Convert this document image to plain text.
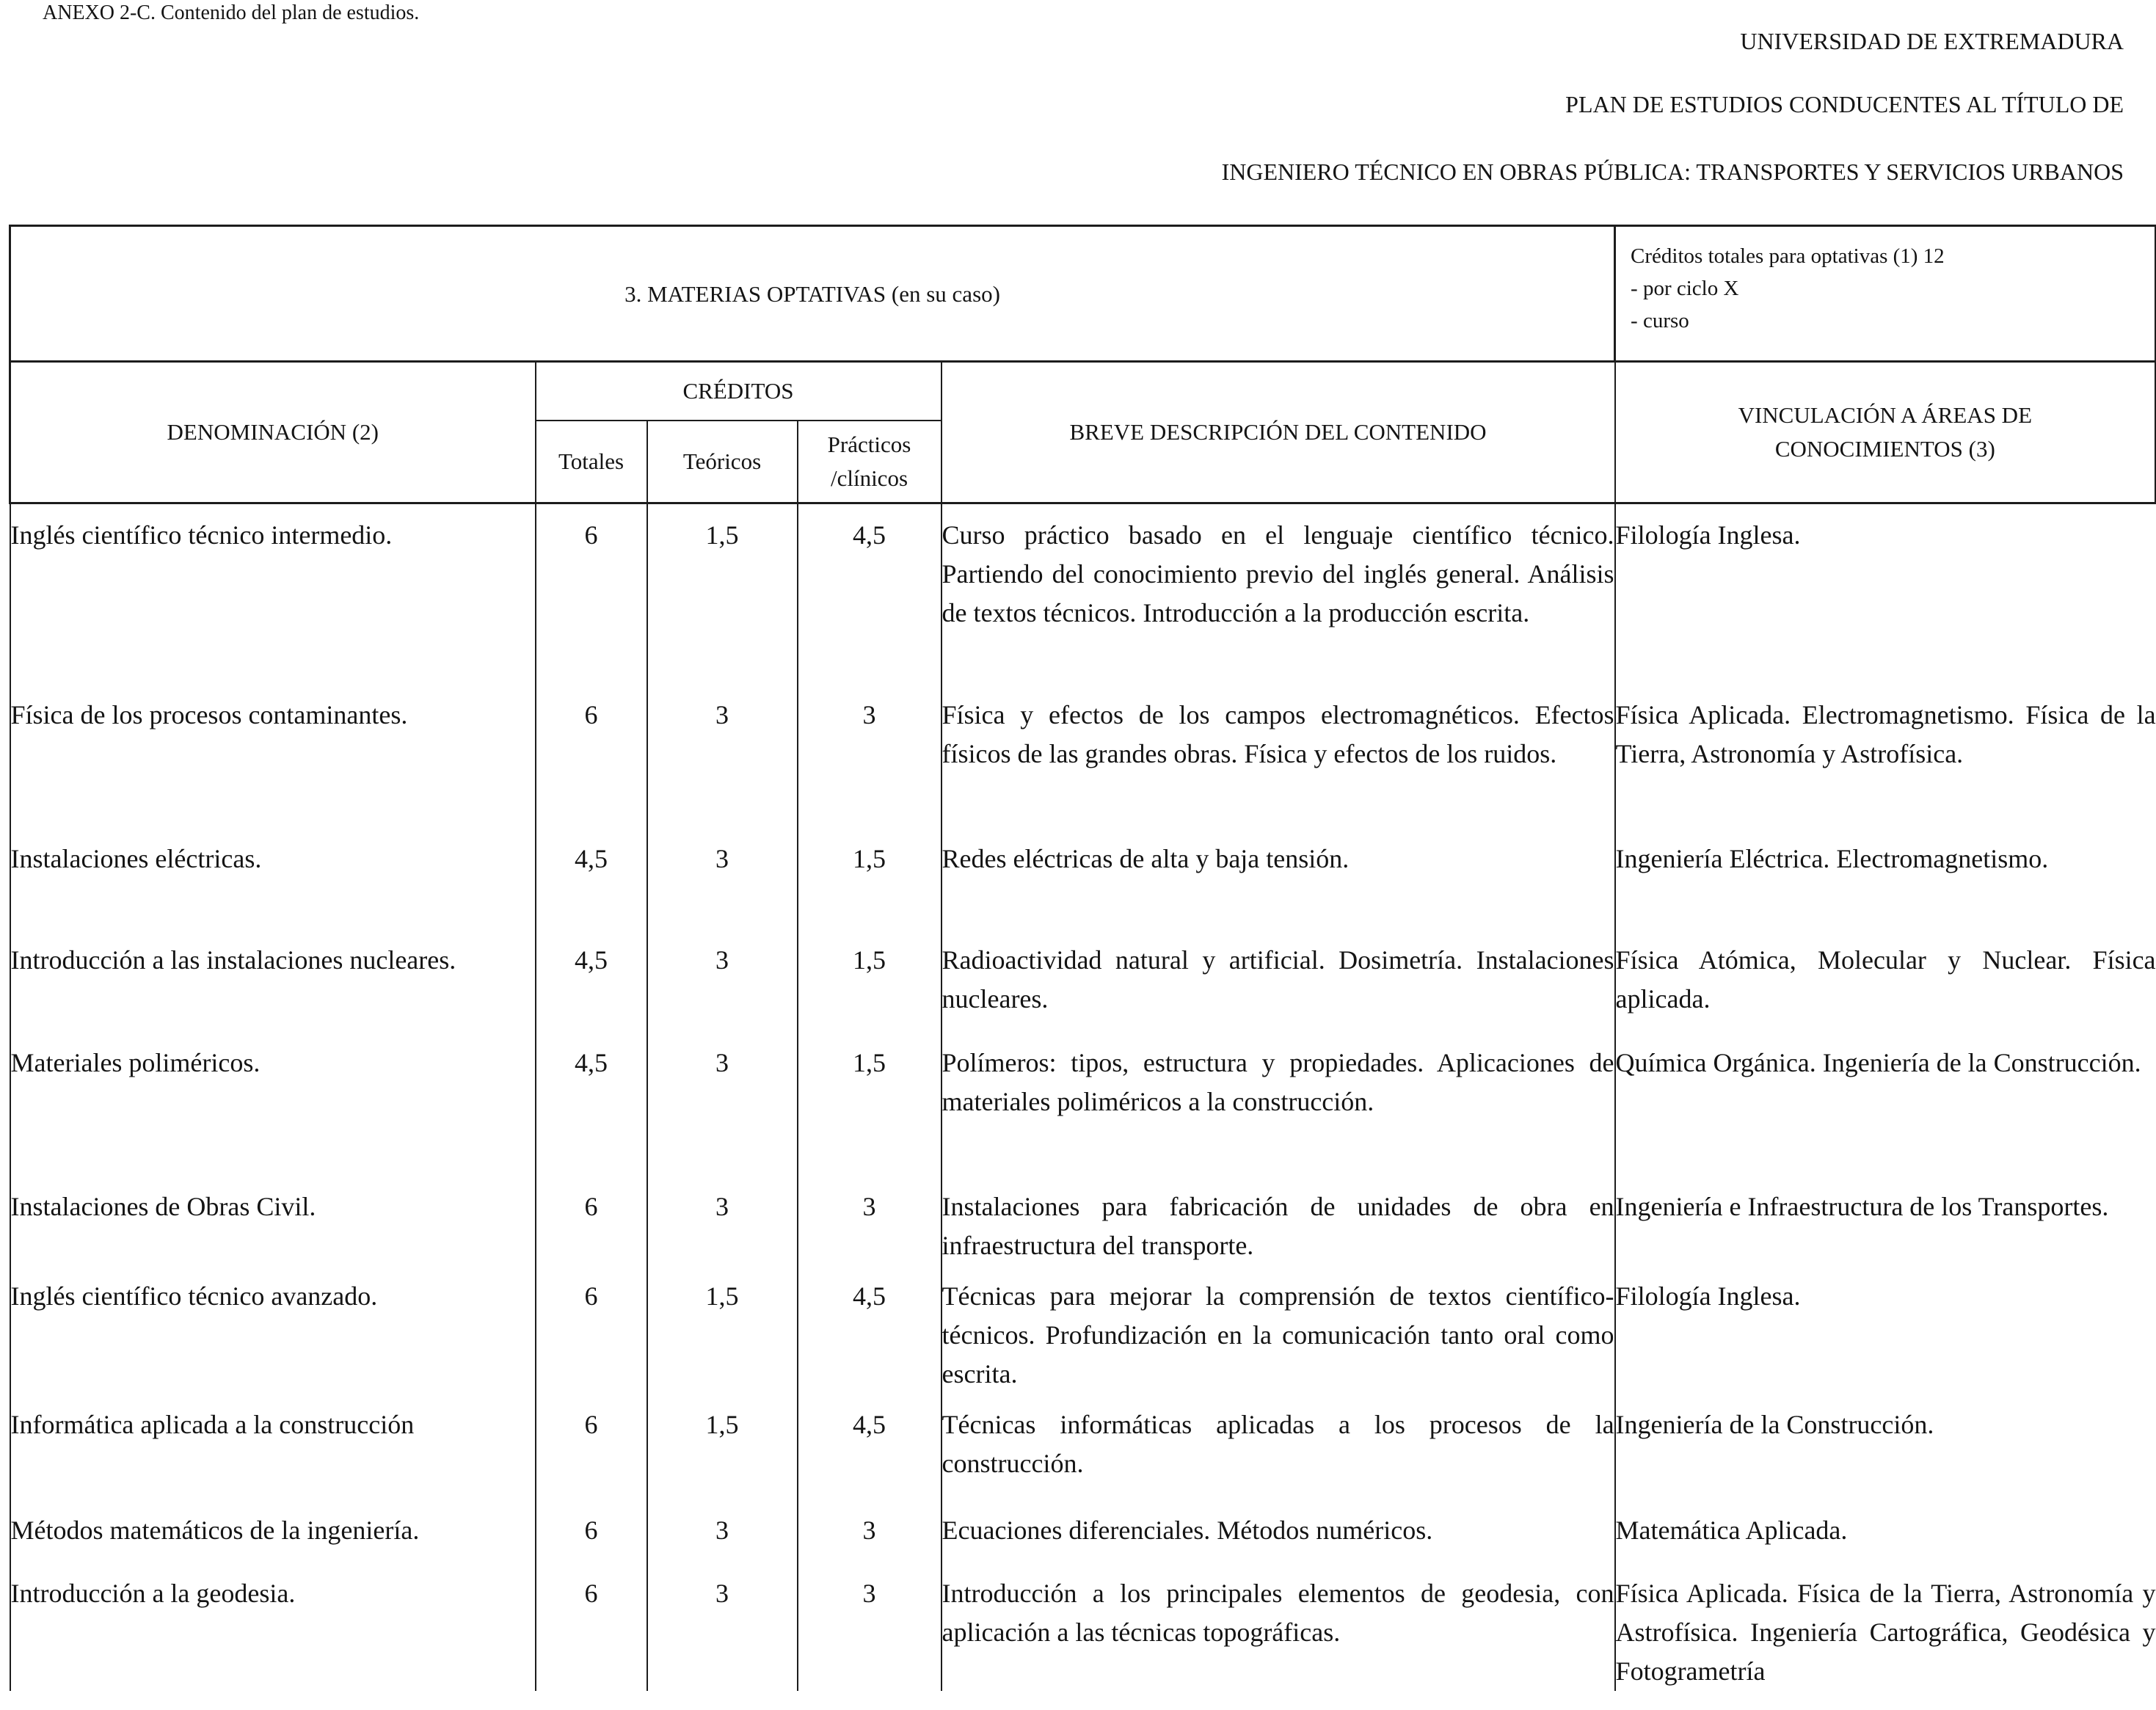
ANEXO 2-C. Contenido del plan de estudios.
UNIVERSIDAD DE EXTREMADURA
PLAN DE ESTUDIOS CONDUCENTES AL TÍTULO DE
INGENIERO TÉCNICO EN OBRAS PÚBLICA: TRANSPORTES Y SERVICIOS URBANOS
3. MATERIAS OPTATIVAS (en su caso)					Créditos totales para optativas (1) 12
- por ciclo X
- curso

DENOMINACIÓN (2)	CRÉDITOS			BREVE DESCRIPCIÓN DEL CONTENIDO	VINCULACIÓN A ÁREAS DE CONOCIMIENTOS (3)
	Totales	Teóricos	Prácticos /clínicos		

Inglés científico técnico intermedio.	6	1,5	4,5	Curso práctico basado en el lenguaje científico técnico. Partiendo del conocimiento previo del inglés general. Análisis de textos técnicos. Introducción a la producción escrita.	Filología Inglesa.

Física de los procesos contaminantes.	6	3	3	Física y efectos de los campos electromagnéticos. Efectos físicos de las grandes obras. Física y efectos de los ruidos.	Física Aplicada. Electromagnetismo. Física de la Tierra, Astronomía y Astrofísica.

Instalaciones eléctricas.	4,5	3	1,5	Redes eléctricas de alta y baja tensión.	Ingeniería Eléctrica. Electromagnetismo.

Introducción a las instalaciones nucleares.	4,5	3	1,5	Radioactividad natural y artificial. Dosimetría. Instalaciones nucleares.	Física Atómica, Molecular y Nuclear. Física aplicada.

Materiales poliméricos.	4,5	3	1,5	Polímeros: tipos, estructura y propiedades. Aplicaciones de materiales poliméricos a la construcción.	Química Orgánica. Ingeniería de la Construcción.

Instalaciones de Obras Civil.	6	3	3	Instalaciones para fabricación de unidades de obra en infraestructura del transporte.	Ingeniería e Infraestructura de los Transportes.

Inglés científico técnico avanzado.	6	1,5	4,5	Técnicas para mejorar la comprensión de textos científico-técnicos. Profundización en la comunicación tanto oral como escrita.	Filología Inglesa.

Informática aplicada a la construcción	6	1,5	4,5	Técnicas informáticas aplicadas a los procesos de la construcción.	Ingeniería de la Construcción.

Métodos matemáticos de la ingeniería.	6	3	3	Ecuaciones diferenciales. Métodos numéricos.	Matemática Aplicada.

Introducción a la geodesia.	6	3	3	Introducción a los principales elementos de geodesia, con aplicación a las técnicas topográficas.	Física Aplicada. Física de la Tierra, Astronomía y Astrofísica. Ingeniería Cartográfica, Geodésica y Fotogrametría
